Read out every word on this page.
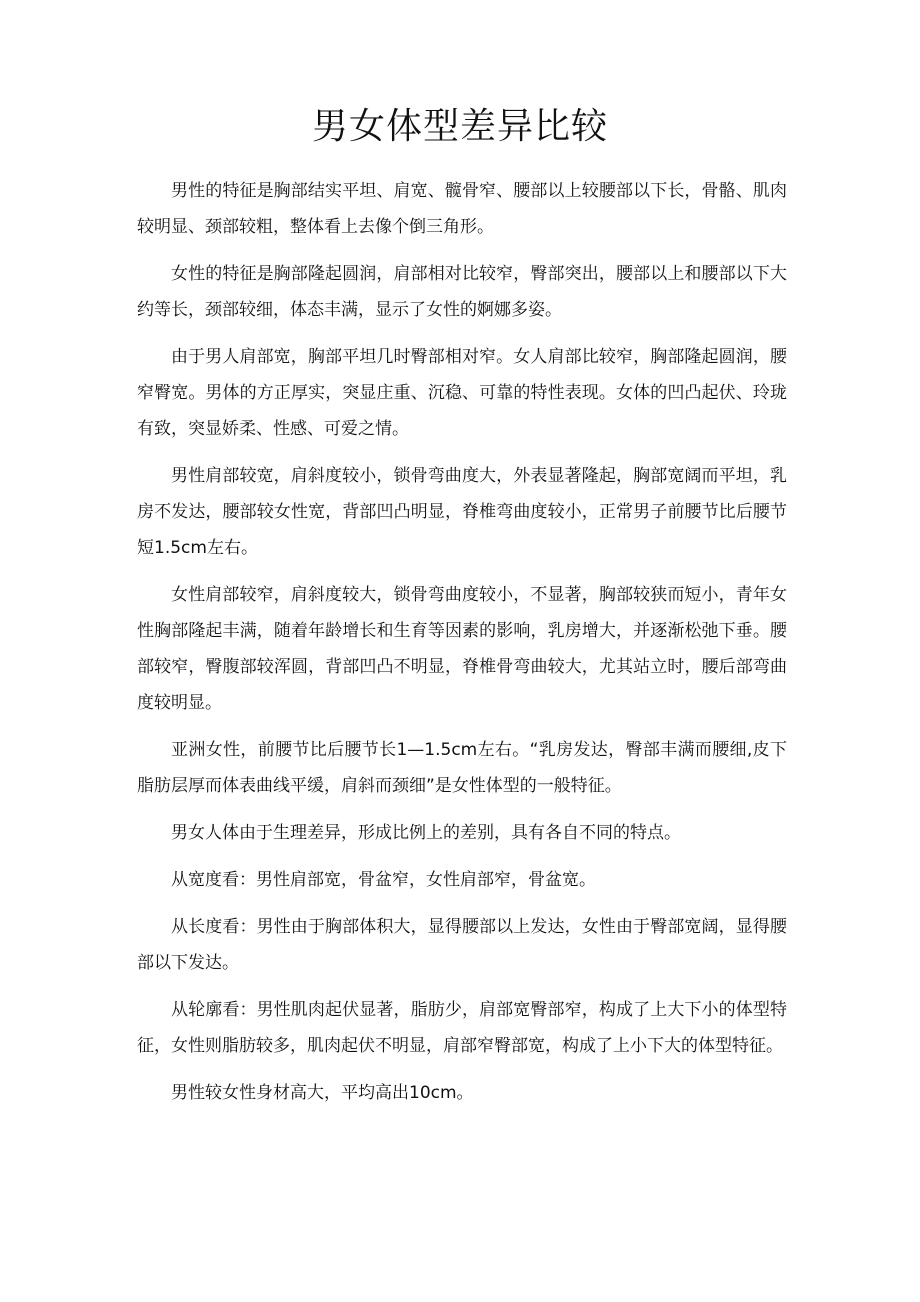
男女体型差异比较

男性的特征是胸部结实平坦、肩宽、髋骨窄、腰部以上较腰部以下长，骨骼、肌肉较明显、颈部较粗，整体看上去像个倒三角形。

女性的特征是胸部隆起圆润，肩部相对比较窄，臀部突出，腰部以上和腰部以下大约等长，颈部较细，体态丰满，显示了女性的婀娜多姿。

由于男人肩部宽，胸部平坦几时臀部相对窄。女人肩部比较窄，胸部隆起圆润，腰窄臀宽。男体的方正厚实，突显庄重、沉稳、可靠的特性表现。女体的凹凸起伏、玲珑有致，突显娇柔、性感、可爱之情。

男性肩部较宽，肩斜度较小，锁骨弯曲度大，外表显著隆起，胸部宽阔而平坦，乳房不发达，腰部较女性宽，背部凹凸明显，脊椎弯曲度较小，正常男子前腰节比后腰节短1.5cm左右。

女性肩部较窄，肩斜度较大，锁骨弯曲度较小，不显著，胸部较狭而短小，青年女性胸部隆起丰满，随着年龄增长和生育等因素的影响，乳房增大，并逐渐松弛下垂。腰部较窄，臀腹部较浑圆，背部凹凸不明显，脊椎骨弯曲较大，尤其站立时，腰后部弯曲度较明显。

亚洲女性，前腰节比后腰节长1—1.5cm左右。“乳房发达，臀部丰满而腰细,皮下脂肪层厚而体表曲线平缓，肩斜而颈细”是女性体型的一般特征。

男女人体由于生理差异，形成比例上的差别，具有各自不同的特点。

从宽度看：男性肩部宽，骨盆窄，女性肩部窄，骨盆宽。

从长度看：男性由于胸部体积大，显得腰部以上发达，女性由于臀部宽阔，显得腰部以下发达。

从轮廓看：男性肌肉起伏显著，脂肪少，肩部宽臀部窄，构成了上大下小的体型特征，女性则脂肪较多，肌肉起伏不明显，肩部窄臀部宽，构成了上小下大的体型特征。

男性较女性身材高大，平均高出10cm。
